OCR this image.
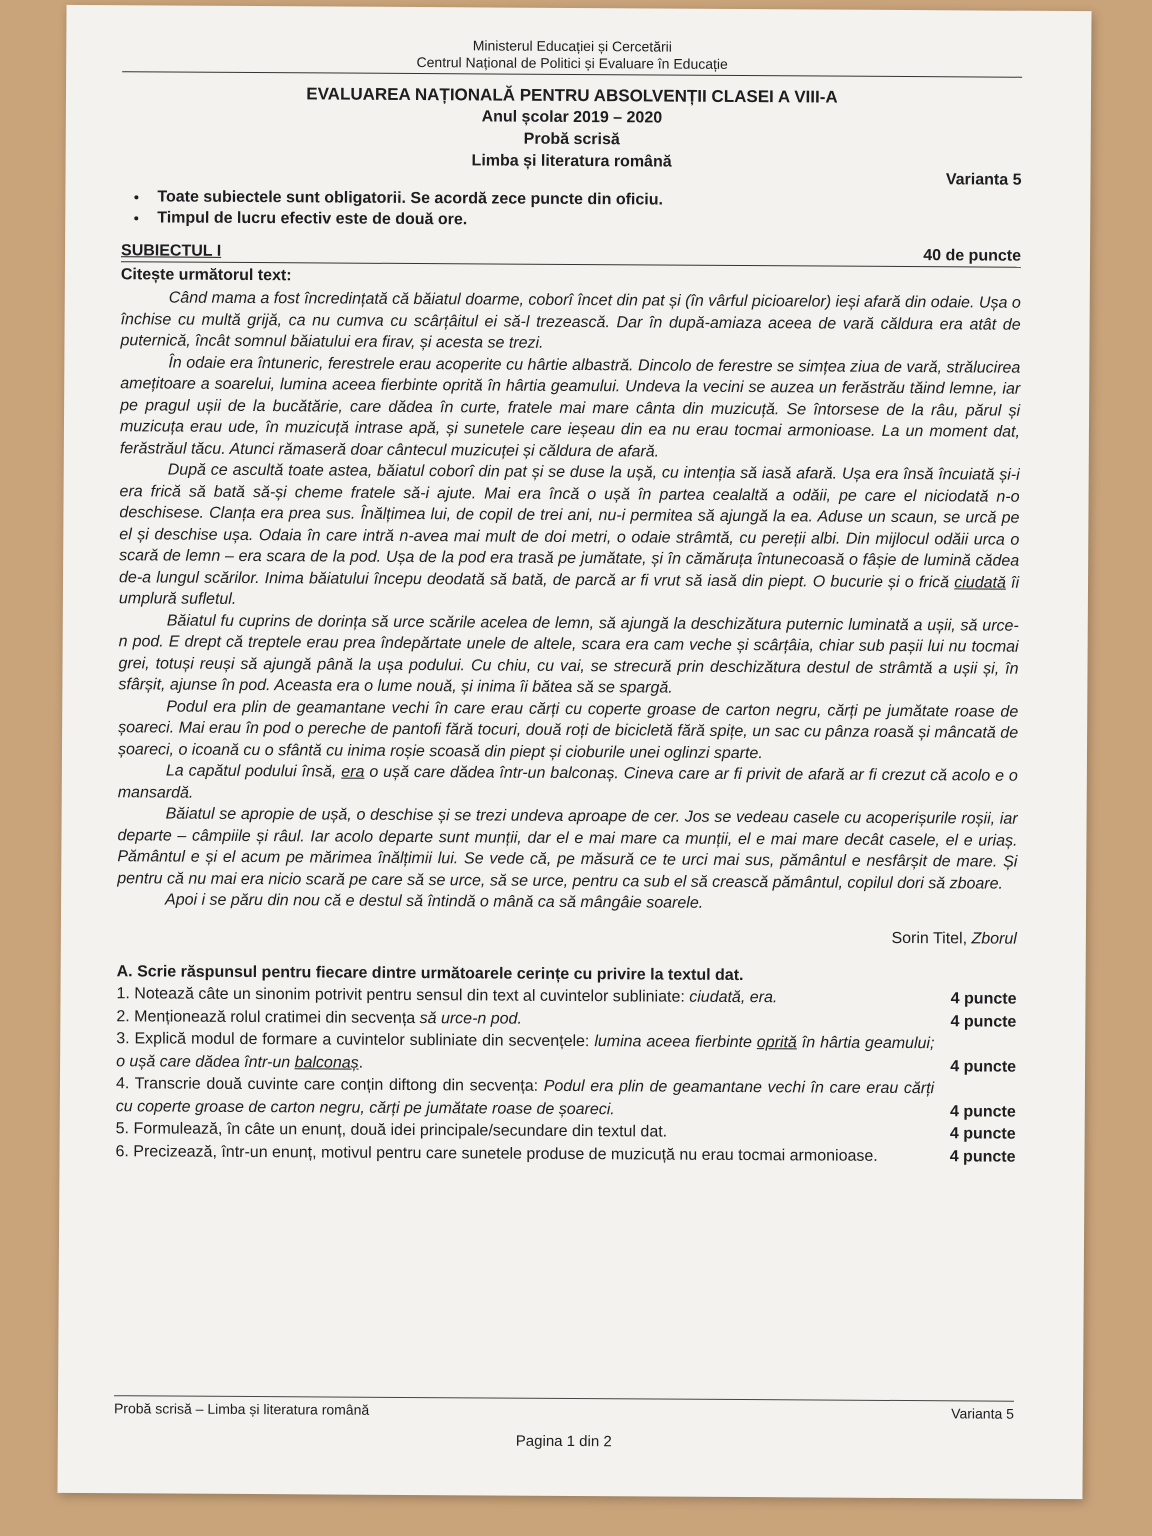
Ministerul Educației și Cercetării
Centrul Național de Politici și Evaluare în Educație
EVALUAREA NAȚIONALĂ PENTRU ABSOLVENȚII CLASEI A VIII-A
Anul școlar 2019 – 2020
Probă scrisă
Limba și literatura română
Varianta 5
• Toate subiectele sunt obligatorii. Se acordă zece puncte din oficiu.
• Timpul de lucru efectiv este de două ore.
SUBIECTUL I	40 de puncte
Citește următorul text:

Când mama a fost încredințată că băiatul doarme, coborî încet din pat și (în vârful picioarelor) ieși afară din odaie. Ușa o închise cu multă grijă, ca nu cumva cu scârțâitul ei să-l trezească. Dar în după-amiaza aceea de vară căldura era atât de puternică, încât somnul băiatului era firav, și acesta se trezi.

În odaie era întuneric, ferestrele erau acoperite cu hârtie albastră. Dincolo de ferestre se simțea ziua de vară, strălucirea amețitoare a soarelui, lumina aceea fierbinte oprită în hârtia geamului. Undeva la vecini se auzea un ferăstrău tăind lemne, iar pe pragul ușii de la bucătărie, care dădea în curte, fratele mai mare cânta din muzicuță. Se întorsese de la râu, părul și muzicuța erau ude, în muzicuță intrase apă, și sunetele care ieșeau din ea nu erau tocmai armonioase. La un moment dat, ferăstrăul tăcu. Atunci rămaseră doar cântecul muzicuței și căldura de afară.

După ce ascultă toate astea, băiatul coborî din pat și se duse la ușă, cu intenția să iasă afară. Ușa era însă încuiată și-i era frică să bată să-și cheme fratele să-i ajute. Mai era încă o ușă în partea cealaltă a odăii, pe care el niciodată n-o deschisese. Clanța era prea sus. Înălțimea lui, de copil de trei ani, nu-i permitea să ajungă la ea. Aduse un scaun, se urcă pe el și deschise ușa. Odaia în care intră n-avea mai mult de doi metri, o odaie strâmtă, cu pereții albi. Din mijlocul odăii urca o scară de lemn – era scara de la pod. Ușa de la pod era trasă pe jumătate, și în cămăruța întunecoasă o fâșie de lumină cădea de-a lungul scărilor. Inima băiatului începu deodată să bată, de parcă ar fi vrut să iasă din piept. O bucurie și o frică ciudată îi umplură sufletul.

Băiatul fu cuprins de dorința să urce scările acelea de lemn, să ajungă la deschizătura puternic luminată a ușii, să urce-n pod. E drept că treptele erau prea îndepărtate unele de altele, scara era cam veche și scârțâia, chiar sub pașii lui nu tocmai grei, totuși reuși să ajungă până la ușa podului. Cu chiu, cu vai, se strecură prin deschizătura destul de strâmtă a ușii și, în sfârșit, ajunse în pod. Aceasta era o lume nouă, și inima îi bătea să se spargă.

Podul era plin de geamantane vechi în care erau cărți cu coperte groase de carton negru, cărți pe jumătate roase de șoareci. Mai erau în pod o pereche de pantofi fără tocuri, două roți de bicicletă fără spițe, un sac cu pânza roasă și mâncată de șoareci, o icoană cu o sfântă cu inima roșie scoasă din piept și cioburile unei oglinzi sparte.

La capătul podului însă, era o ușă care dădea într-un balconaș. Cineva care ar fi privit de afară ar fi crezut că acolo e o mansardă.

Băiatul se apropie de ușă, o deschise și se trezi undeva aproape de cer. Jos se vedeau casele cu acoperișurile roșii, iar departe – câmpiile și râul. Iar acolo departe sunt munții, dar el e mai mare ca munții, el e mai mare decât casele, el e uriaș. Pământul e și el acum pe mărimea înălțimii lui. Se vede că, pe măsură ce te urci mai sus, pământul e nesfârșit de mare. Și pentru că nu mai era nicio scară pe care să se urce, să se urce, pentru ca sub el să crească pământul, copilul dori să zboare.

Apoi i se păru din nou că e destul să întindă o mână ca să mângâie soarele.

Sorin Titel, Zborul
A. Scrie răspunsul pentru fiecare dintre următoarele cerințe cu privire la textul dat.
1. Notează câte un sinonim potrivit pentru sensul din text al cuvintelor subliniate: ciudată, era.	4 puncte
2. Menționează rolul cratimei din secvența să urce-n pod.	4 puncte
3. Explică modul de formare a cuvintelor subliniate din secvențele: lumina aceea fierbinte oprită în hârtia geamului; o ușă care dădea într-un balconaș.	4 puncte
4. Transcrie două cuvinte care conțin diftong din secvența: Podul era plin de geamantane vechi în care erau cărți cu coperte groase de carton negru, cărți pe jumătate roase de șoareci.	4 puncte
5. Formulează, în câte un enunț, două idei principale/secundare din textul dat.	4 puncte
6. Precizează, într-un enunț, motivul pentru care sunetele produse de muzicuță nu erau tocmai armonioase.	4 puncte
Probă scrisă – Limba și literatura română	Varianta 5
Pagina 1 din 2
